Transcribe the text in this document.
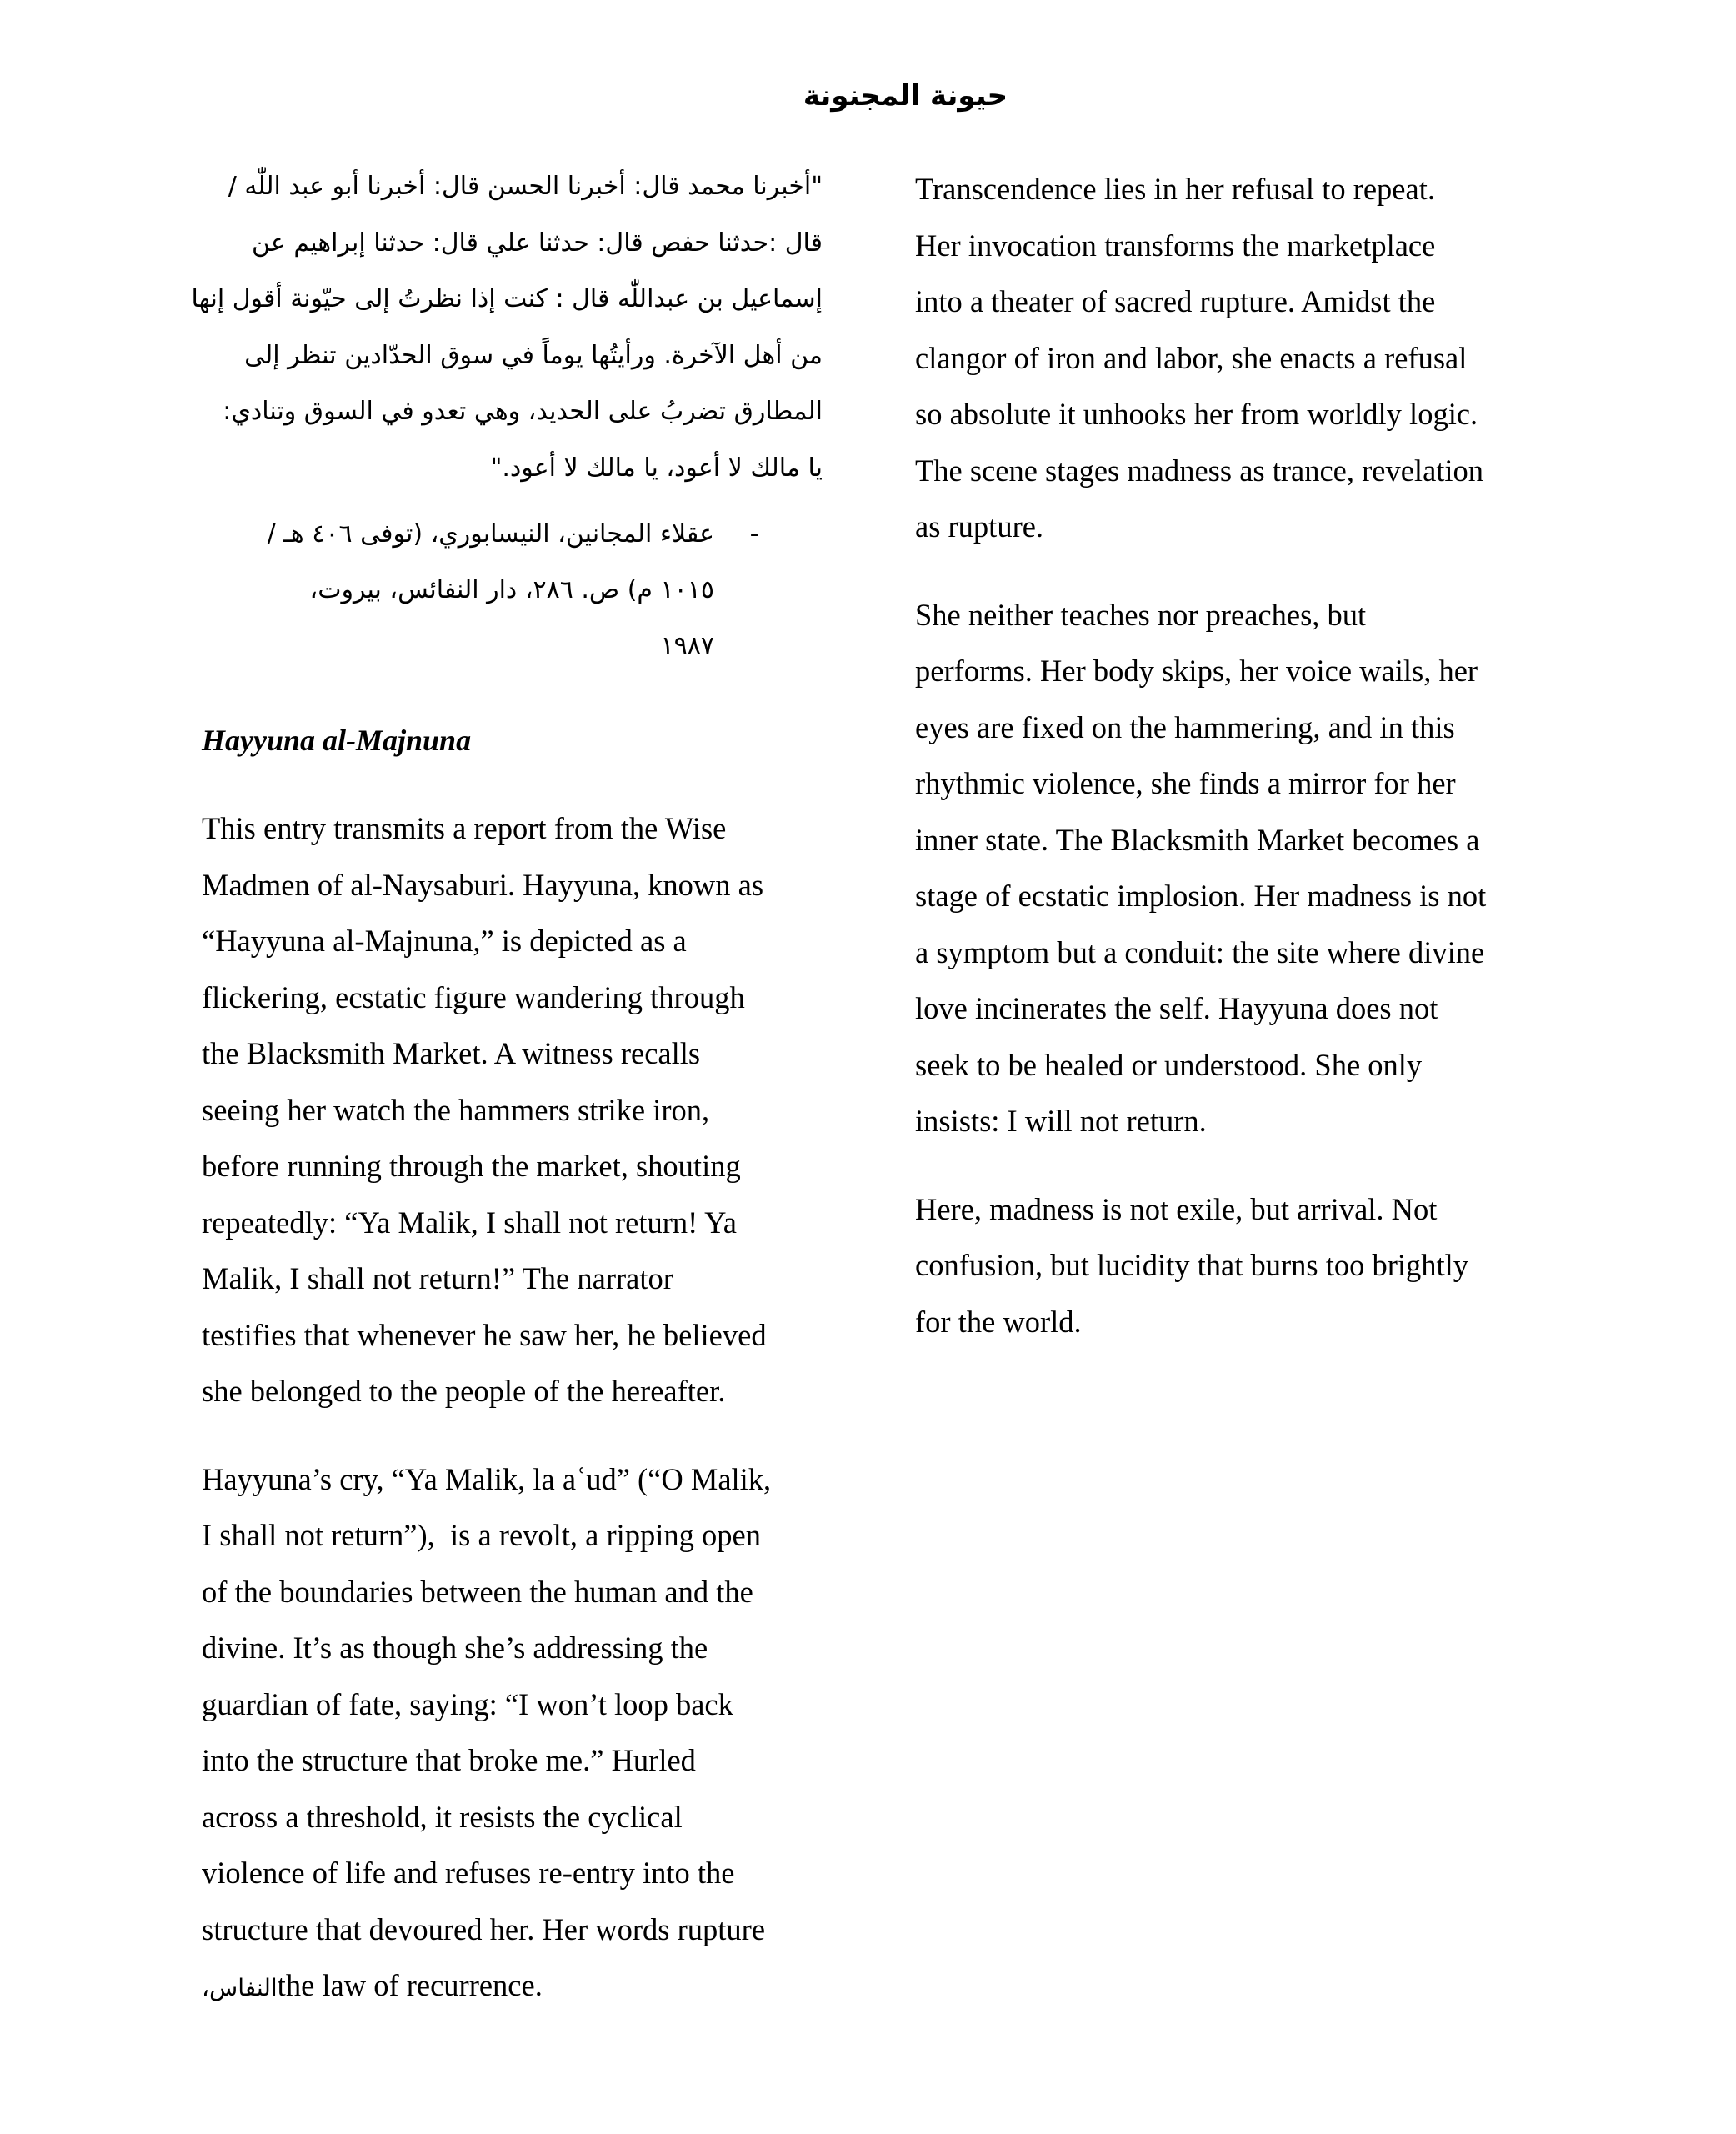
حيونة المجنونة
"أخبرنا محمد قال: أخبرنا الحسن قال: أخبرنا أبو عبد اللّٰه /
قال :حدثنا حفص قال: حدثنا علي قال: حدثنا إبراهيم عن
إسماعيل بن عبداللّٰه قال : كنت إذا نظرتُ إلى حيّونة أقول إنها
من أهل الآخرة. ورأيتُها يوماً في سوق الحدّادين تنظر إلى
المطارق تضربُ على الحديد، وهي تعدو في السوق وتنادي:
يا مالك لا أعود، يا مالك لا أعود."
-
عقلاء المجانين، النيسابوري، (توفى ٤٠٦ هـ /
١٠١٥ م) ص. ٢٨٦، دار النفائس، بيروت،
١٩٨٧
Hayyuna al-Majnuna

This entry transmits a report from the Wise
Madmen of al-Naysaburi. Hayyuna, known as
“Hayyuna al-Majnuna,” is depicted as a
flickering, ecstatic figure wandering through
the Blacksmith Market. A witness recalls
seeing her watch the hammers strike iron,
before running through the market, shouting
repeatedly: “Ya Malik, I shall not return! Ya
Malik, I shall not return!” The narrator
testifies that whenever he saw her, he believed
she belonged to the people of the hereafter.

Hayyuna’s cry, “Ya Malik, la aʿud” (“O Malik,
I shall not return”),  is a revolt, a ripping open
of the boundaries between the human and the
divine. It’s as though she’s addressing the
guardian of fate, saying: “I won’t loop back
into the structure that broke me.” Hurled
across a threshold, it resists the cyclical
violence of life and refuses re-entry into the
structure that devoured her. Her words rupture
النفاس،the law of recurrence.

Transcendence lies in her refusal to repeat.
Her invocation transforms the marketplace
into a theater of sacred rupture. Amidst the
clangor of iron and labor, she enacts a refusal
so absolute it unhooks her from worldly logic.
The scene stages madness as trance, revelation
as rupture.

She neither teaches nor preaches, but
performs. Her body skips, her voice wails, her
eyes are fixed on the hammering, and in this
rhythmic violence, she finds a mirror for her
inner state. The Blacksmith Market becomes a
stage of ecstatic implosion. Her madness is not
a symptom but a conduit: the site where divine
love incinerates the self. Hayyuna does not
seek to be healed or understood. She only
insists: I will not return.

Here, madness is not exile, but arrival. Not
confusion, but lucidity that burns too brightly
for the world.
